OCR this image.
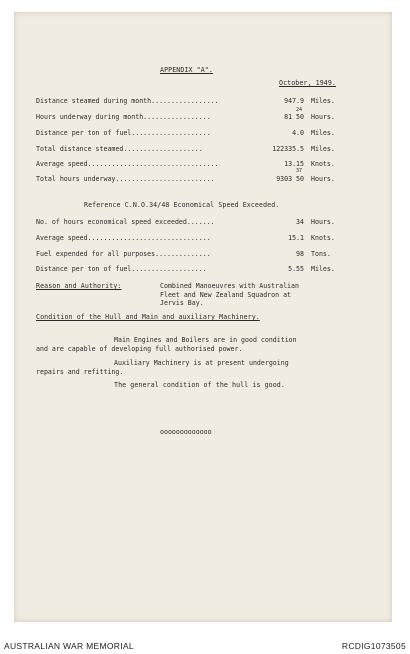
APPENDIX "A".
October, 1949.
Distance steamed during month.................	947.9 Miles.
24
Hours underway during month.................	81 50 Hours.
Distance per ton of fuel....................	4.0 Miles.
Total distance steamed....................	122335.5 Miles.
Average speed.................................	13.15 Knots.
37
Total hours underway.........................	9303 50 Hours.
Reference C.N.O.34/48 Economical Speed Exceeded.
No. of hours economical speed exceeded.......	34 Hours.
Average speed...............................	15.1 Knots.
Fuel expended for all purposes..............	98 Tons.
Distance per ton of fuel...................	5.55 Miles.
Reason and Authority:	Combined Manoeuvres with Australian
Fleet and New Zealand Squadron at
Jervis Bay.
Condition of the Hull and Main and auxiliary Machinery.
Main Engines and Boilers are in good condition
and are capable of developing full authorised power.
Auxiliary Machinery is at present undergoing
repairs and refitting.
The general condition of the hull is good.
ooooooooooooo
AUSTRALIAN WAR MEMORIAL	RCDIG1073505
